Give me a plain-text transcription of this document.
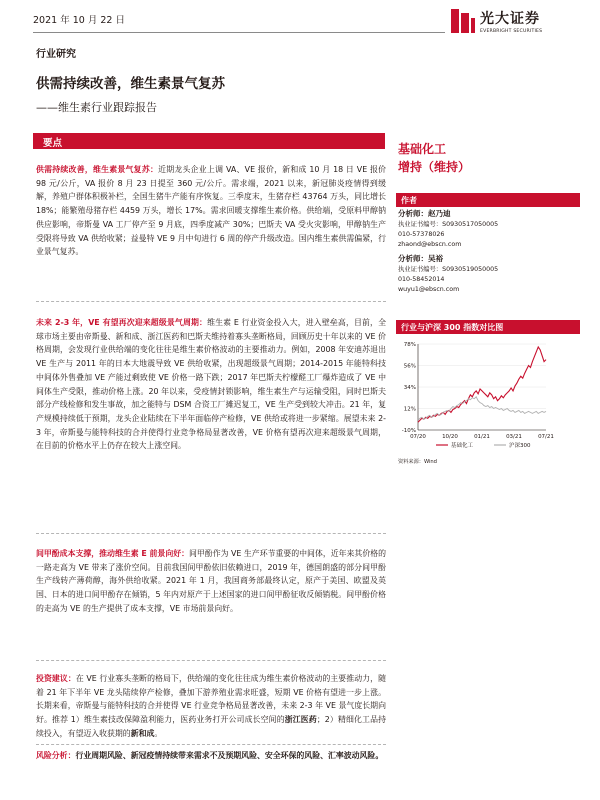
2021 年 10 月 22 日	光大证券
EVERBRIGHT SECURITIES
行业研究
供需持续改善，维生素景气复苏
——维生素行业跟踪报告
要点
供需持续改善，维生素景气复苏：近期龙头企业上调 VA、VE 报价，新和成 10 月 18 日 VE 报价 98 元/公斤，VA 报价 8 月 23 日提至 360 元/公斤。需求端，2021 以来，新冠肺炎疫情得到缓解，养殖户群体积极补栏，全国生猪牛产能有序恢复。三季度末，生猪存栏 43764 万头，同比增长 18%；能繁殖母猪存栏 4459 万头，增长 17%。需求回暖支撑维生素价格。供给端，受原料甲醇钠供应影响，帝斯曼 VA 工厂停产至 9 月底，四季度减产 30%；巴斯夫 VA 受火灾影响，甲醇钠生产受限将导致 VA 供给收紧；益曼特 VE 9 月中旬进行 6 周的停产升级改造。国内维生素供需偏紧，行业景气复苏。
未来 2-3 年，VE 有望再次迎来超级景气周期：维生素 E 行业资金投入大，进入壁垒高，目前，全球市场主要由帝斯曼、新和成、浙江医药和巴斯夫维持着寡头垄断格局，回顾历史十年以来的 VE 价格周期，会发现行业供给端的变化往往是维生素价格波动的主要推动力。例如，2008 年安迪苏退出 VE 生产与 2011 年的日本大地震导致 VE 供给收紧，出现超级景气周期；2014-2015 年能特科技中间体外售叠加 VE 产能过剩致使 VE 价格一路下跌；2017 年巴斯夫柠檬醛工厂爆炸造成了 VE 中间体生产受限，推动价格上涨。20 年以来，受疫情封锁影响，维生素生产与运输受阻，同时巴斯夫部分产线检修和发生事故，加之能特与 DSM 合资工厂摊迟复工，VE 生产受到较大冲击。21 年，复产规模持续低于预期，龙头企业陆续在下半年面临停产检修，VE 供给或将进一步紧缩。展望未来 2-3 年，帝斯曼与能特科技的合并使得行业竞争格局显著改善，VE 价格有望再次迎来超级景气周期，在目前的价格水平上仍存在较大上涨空间。
间甲酚成本支撑，推动维生素 E 前景向好：间甲酚作为 VE 生产环节重要的中间体，近年来其价格的一路走高为 VE 带来了涨价空间。目前我国间甲酚依旧依赖进口，2019 年，德国朗盛的部分间甲酚生产线转产薄荷醇，海外供给收紧。2021 年 1 月，我国商务部最终认定，原产于美国、欧盟及英国、日本的进口间甲酚存在倾销，5 年内对原产于上述国家的进口间甲酚征收反倾销税。间甲酚价格的走高为 VE 的生产提供了成本支撑，VE 市场前景向好。
投资建议：在 VE 行业寡头垄断的格局下，供给端的变化往往成为维生素价格波动的主要推动力，随着 21 年下半年 VE 龙头陆续停产检修，叠加下游养殖业需求旺盛，短期 VE 价格有望进一步上涨。长期来看，帝斯曼与能特科技的合并使得 VE 行业竞争格局显著改善，未来 2-3 年 VE 景气度长期向好。推荐 1）维生素技改保障盈利能力，医药业务打开公司成长空间的浙江医药；2）精细化工品持续投入，有望迈入收获期的新和成。
风险分析：行业周期风险、新冠疫情持续带来需求不及预期风险、安全环保的风险、汇率波动风险。
基础化工
增持（维持）
作者
分析师：赵乃迪
执业证书编号：S0930517050005
010-57378026
zhaond@ebscn.com
分析师：吴裕
执业证书编号：S0930519050005
010-58452014
wuyu1@ebscn.com
行业与沪深 300 指数对比图
-10%
12%
34%
56%
78%
07/20	10/20	01/21	03/21	07/21
基础化工	沪深300
资料来源：Wind
